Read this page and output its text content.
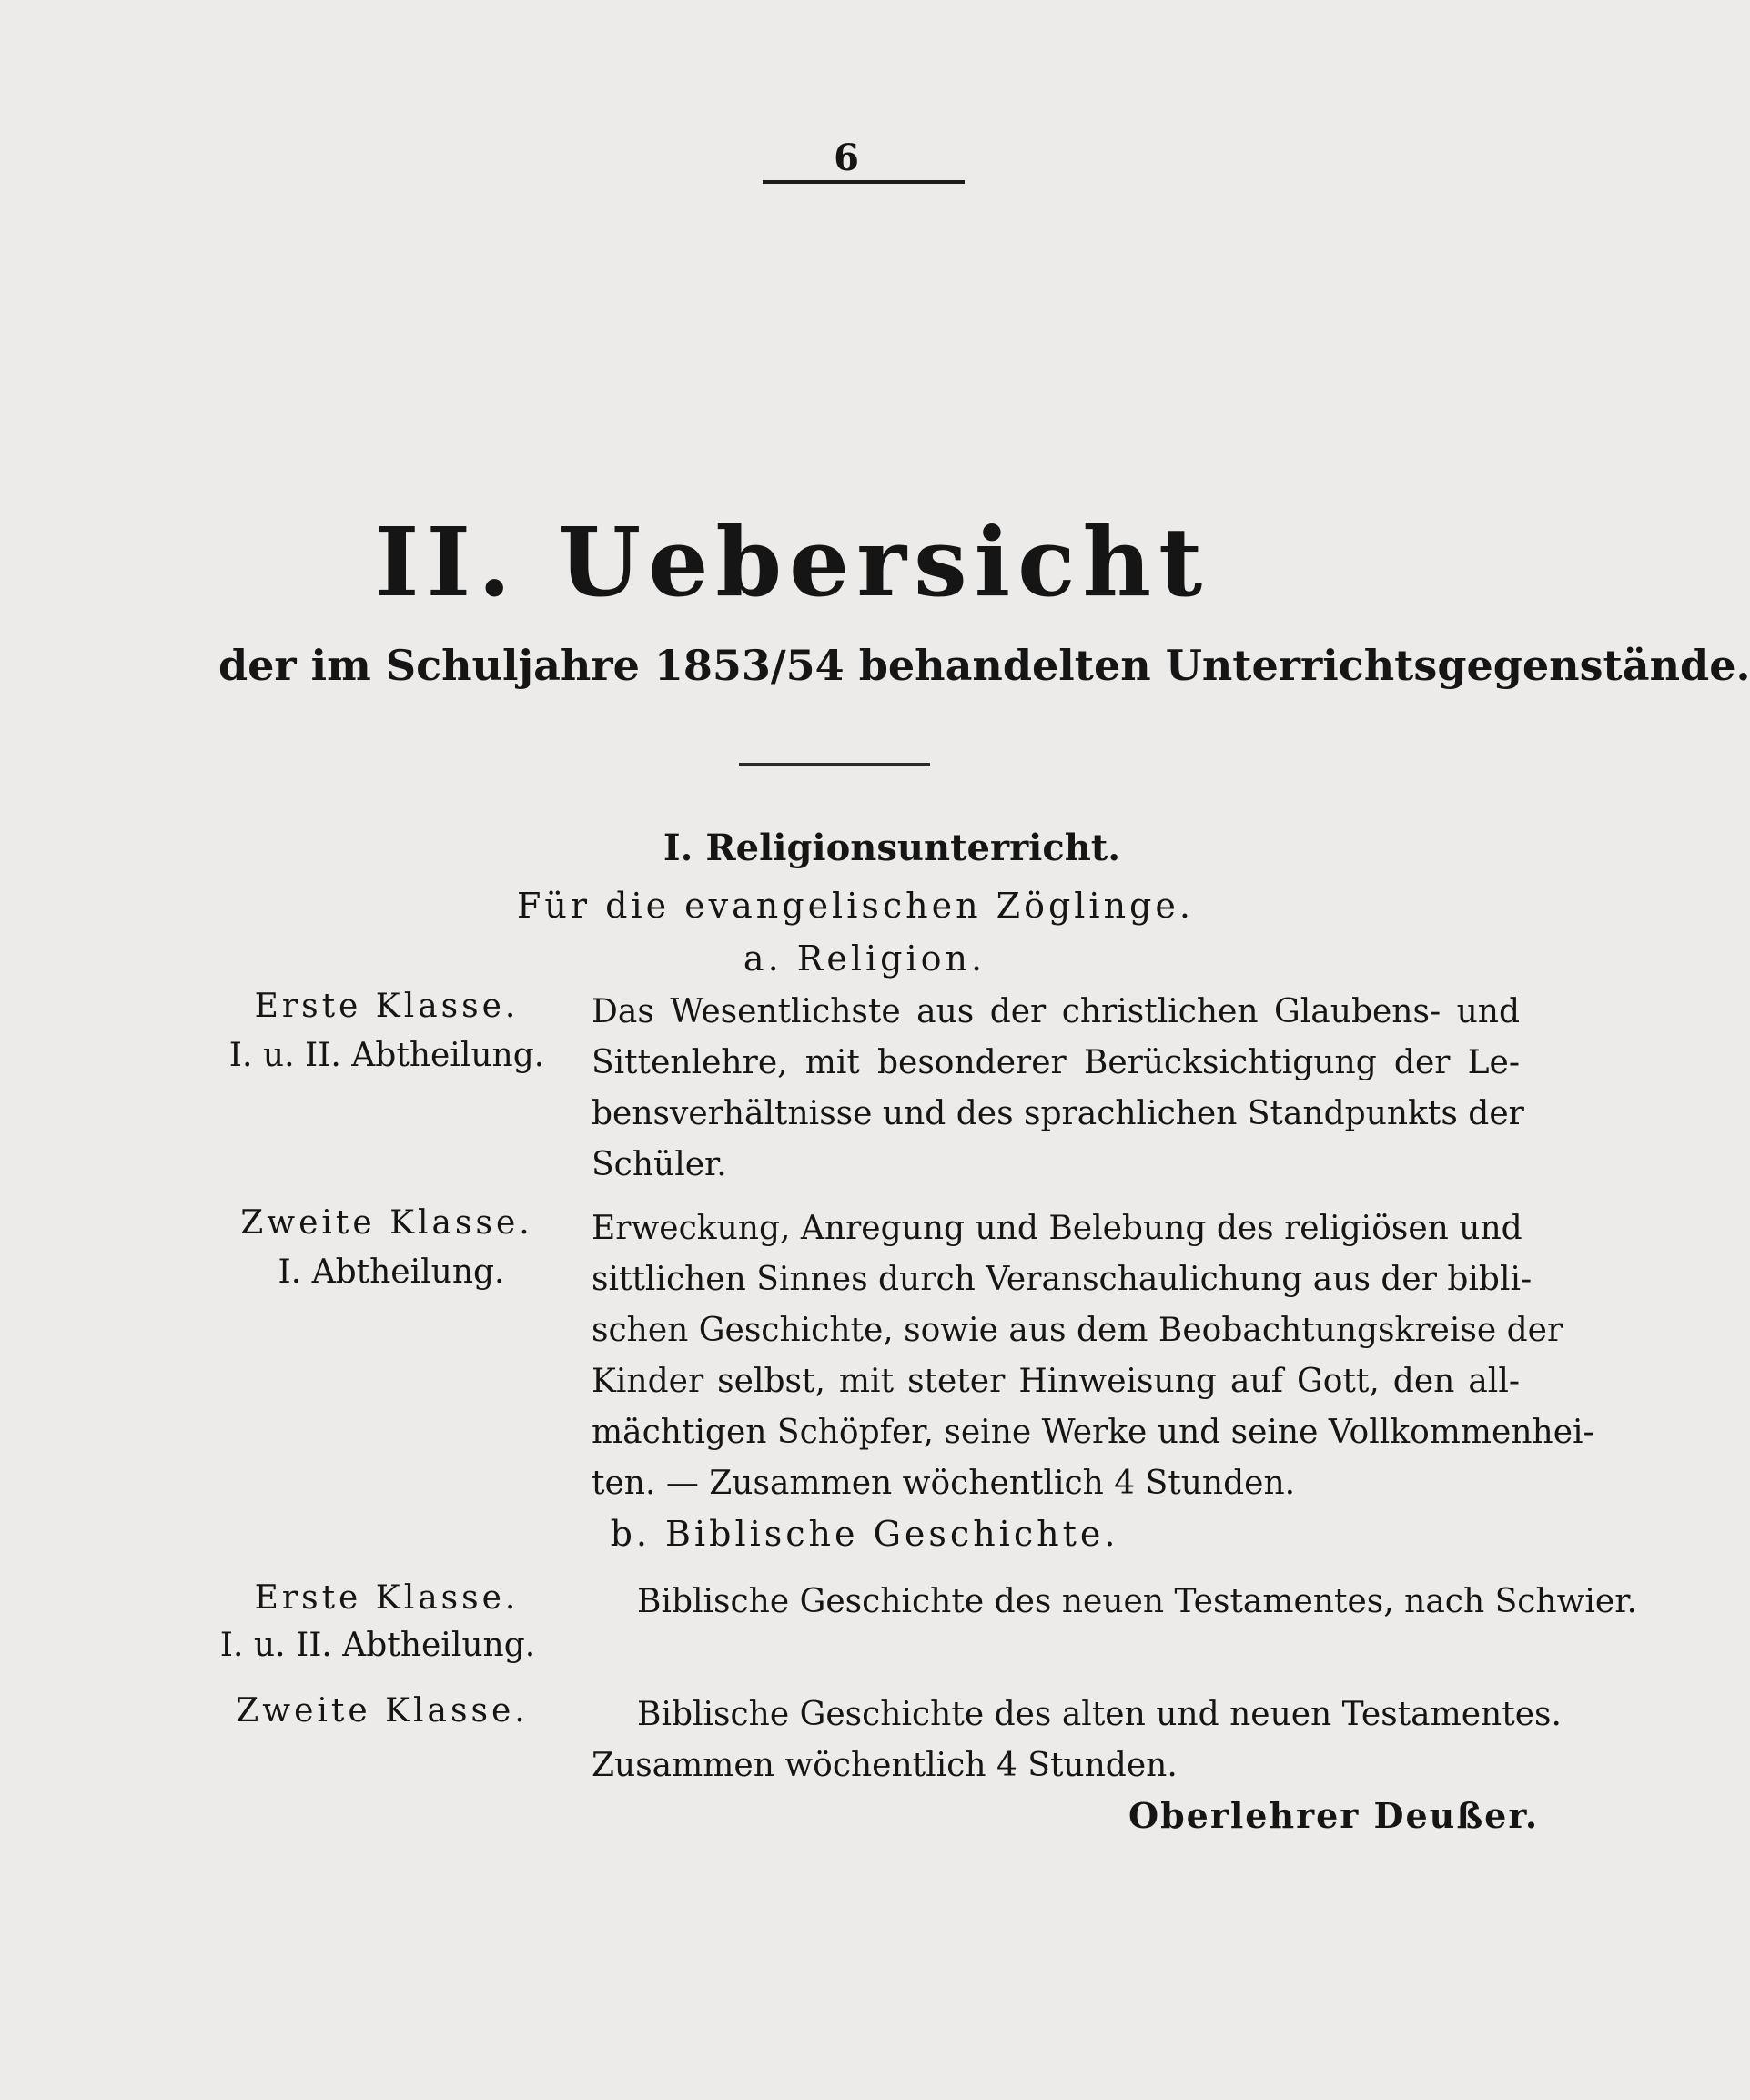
6
II. Uebersicht
der im Schuljahre 1853/54 behandelten Unterrichtsgegenstände.
I. Religionsunterricht.
Für die evangelischen Zöglinge.
a. Religion.
Erste Klasse.
I. u. II. Abtheilung.
Das Wesentlichste aus der christlichen Glaubens- und
Sittenlehre, mit besonderer Berücksichtigung der Le-
bensverhältnisse und des sprachlichen Standpunkts der
Schüler.
Zweite Klasse.
I. Abtheilung.
Erweckung, Anregung und Belebung des religiösen und
sittlichen Sinnes durch Veranschaulichung aus der bibli-
schen Geschichte, sowie aus dem Beobachtungskreise der
Kinder selbst, mit steter Hinweisung auf Gott, den all-
mächtigen Schöpfer, seine Werke und seine Vollkommenhei-
ten. — Zusammen wöchentlich 4 Stunden.
b. Biblische Geschichte.
Erste Klasse.
I. u. II. Abtheilung.
Biblische Geschichte des neuen Testamentes, nach Schwier.
Zweite Klasse.	Biblische Geschichte des alten und neuen Testamentes.
Zusammen wöchentlich 4 Stunden.
Oberlehrer Deußer.
